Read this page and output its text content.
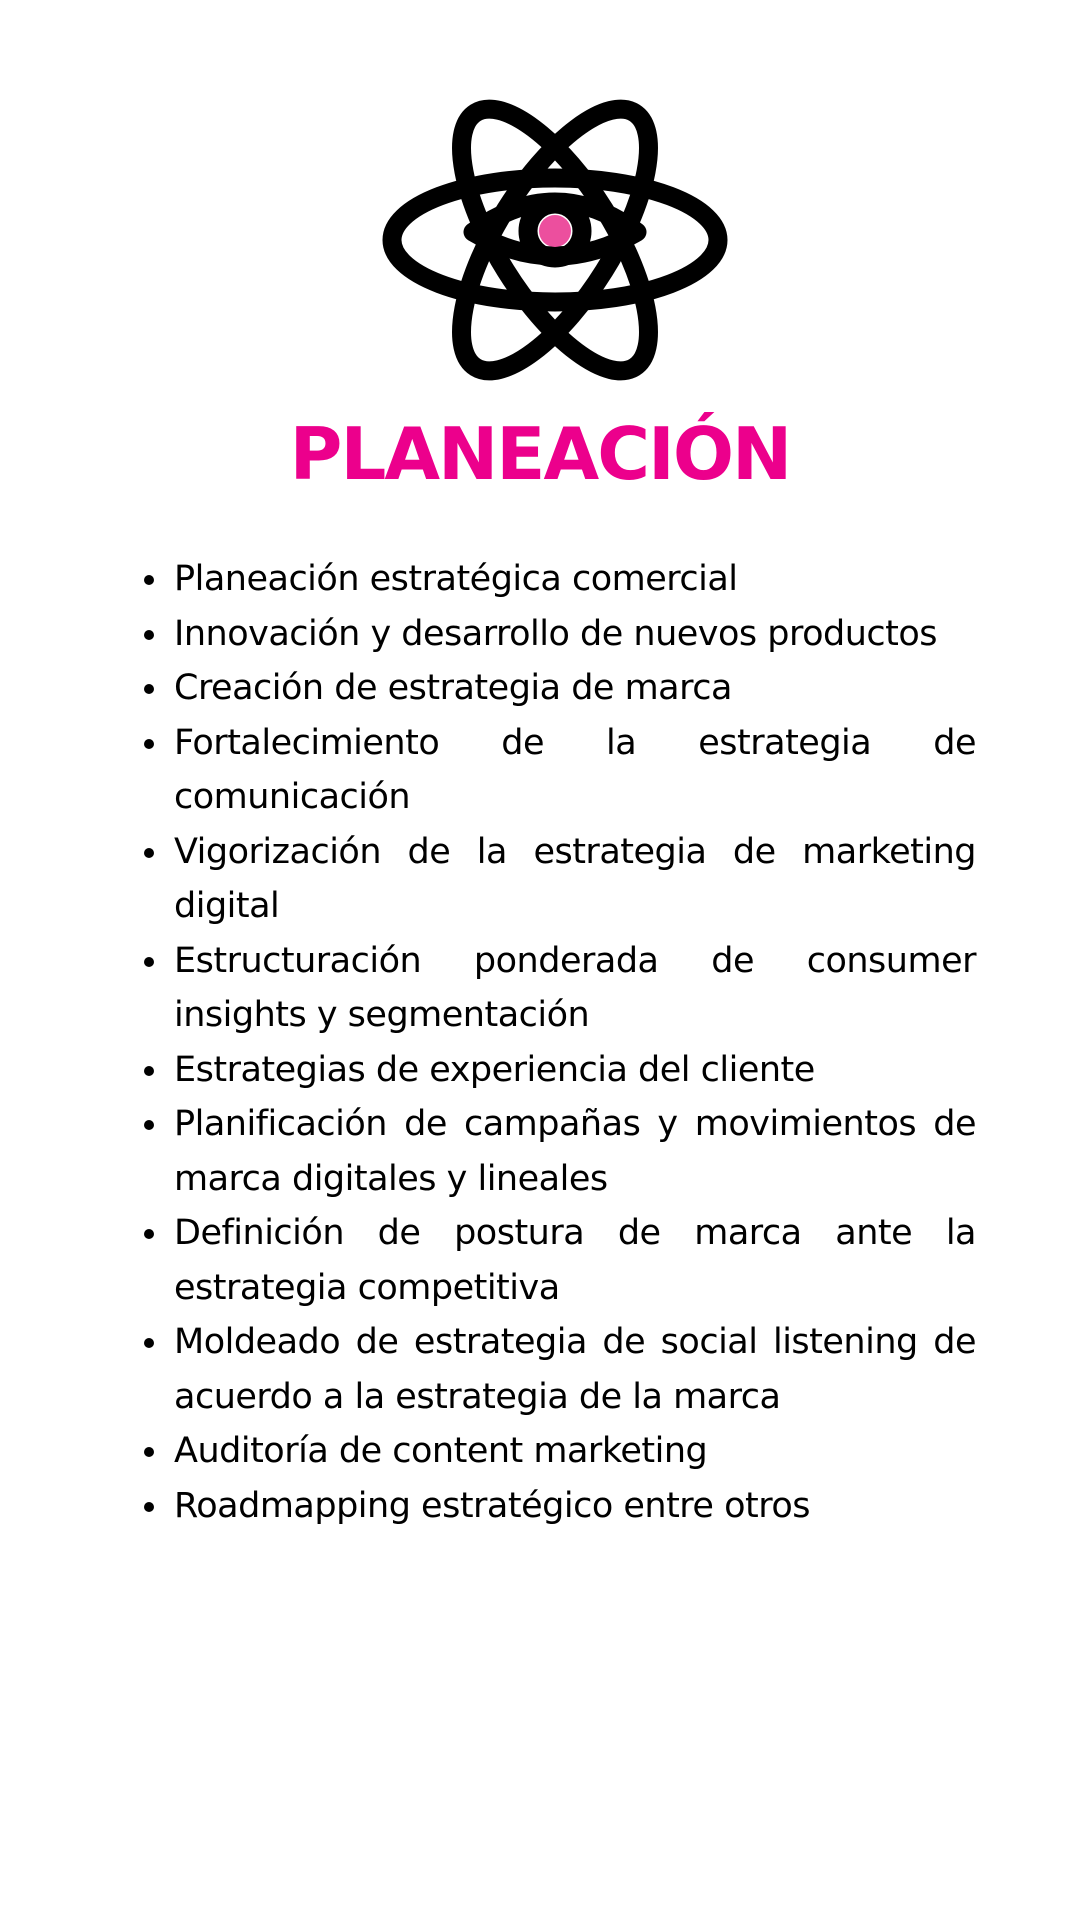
PLANEACIÓN
Planeación estratégica comercial
Innovación y desarrollo de nuevos productos
Creación de estrategia de marca
Fortalecimiento de la estrategia de comunicación
Vigorización de la estrategia de marketing digital
Estructuración ponderada de consumer insights y segmentación
Estrategias de experiencia del cliente
Planificación de campañas y movimientos de marca digitales y lineales
Definición de postura de marca ante la estrategia competitiva
Moldeado de estrategia de social listening de acuerdo a la estrategia de la marca
Auditoría de content marketing
Roadmapping estratégico entre otros
